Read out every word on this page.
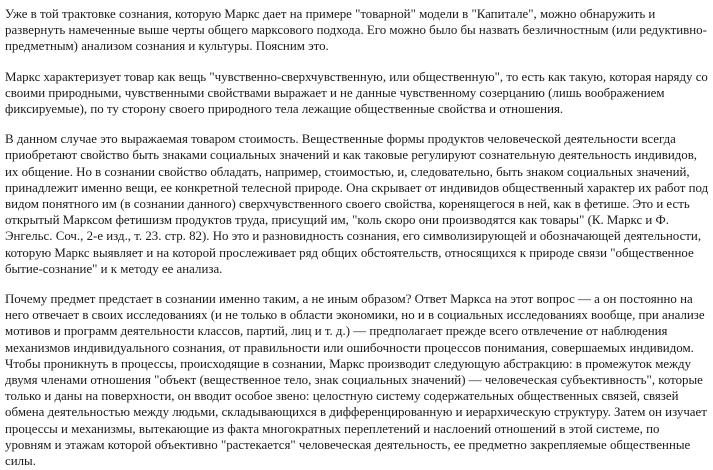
Уже в той трактовке сознания, которую Маркс дает на примере "товарной" модели в "Капитале", можно обнаружить и развернуть намеченные выше черты общего марксового подхода. Его можно было бы назвать безличностным (или редуктивно-предметным) анализом сознания и культуры. Поясним это.

Маркс характеризует товар как вещь "чувственно-сверхчувственную, или общественную", то есть как такую, которая наряду со своими природными, чувственными свойствами выражает и не данные чувственному созерцанию (лишь воображением фиксируемые), по ту сторону своего природного тела лежащие общественные свойства и отношения.

В данном случае это выражаемая товаром стоимость. Вещественные формы продуктов человеческой деятельности всегда приобретают свойство быть знаками социальных значений и как таковые регулируют сознательную деятельность индивидов, их общение. Но в сознании свойство обладать, например, стоимостью, и, следовательно, быть знаком социальных значений, принадлежит именно вещи, ее конкретной телесной природе. Она скрывает от индивидов общественный характер их работ под видом понятного им (в сознании данного) сверхчувственного своего свойства, коренящегося в ней, как в фетише. Это и есть открытый Марксом фетишизм продуктов труда, присущий им, "коль скоро они производятся как товары" (К. Маркс и Ф. Энгельс. Соч., 2-е изд., т. 23. стр. 82). Но это и разновидность сознания, его символизирующей и обозначающей деятельности, которую Маркс выявляет и на которой прослеживает ряд общих обстоятельств, относящихся к природе связи "общественное бытие-сознание" и к методу ее анализа.

Почему предмет предстает в сознании именно таким, а не иным образом? Ответ Маркса на этот вопрос — а он постоянно на него отвечает в своих исследованиях (и не только в области экономики, но и в социальных исследованиях вообще, при анализе мотивов и программ деятельности классов, партий, лиц и т. д.) — предполагает прежде всего отвлечение от наблюдения механизмов индивидуального сознания, от правильности или ошибочности процессов понимания, совершаемых индивидом. Чтобы проникнуть в процессы, происходящие в сознании, Маркс производит следующую абстракцию: в промежуток между двумя членами отношения "объект (вещественное тело, знак социальных значений) — человеческая субъективность", которые только и даны на поверхности, он вводит особое звено: целостную систему содержательных общественных связей, связей обмена деятельностью между людьми, складывающихся в дифференцированную и иерархическую структуру. Затем он изучает процессы и механизмы, вытекающие из факта многократных переплетений и наслоений отношений в этой системе, по уровням и этажам которой объективно "растекается" человеческая деятельность, ее предметно закрепляемые общественные силы.
